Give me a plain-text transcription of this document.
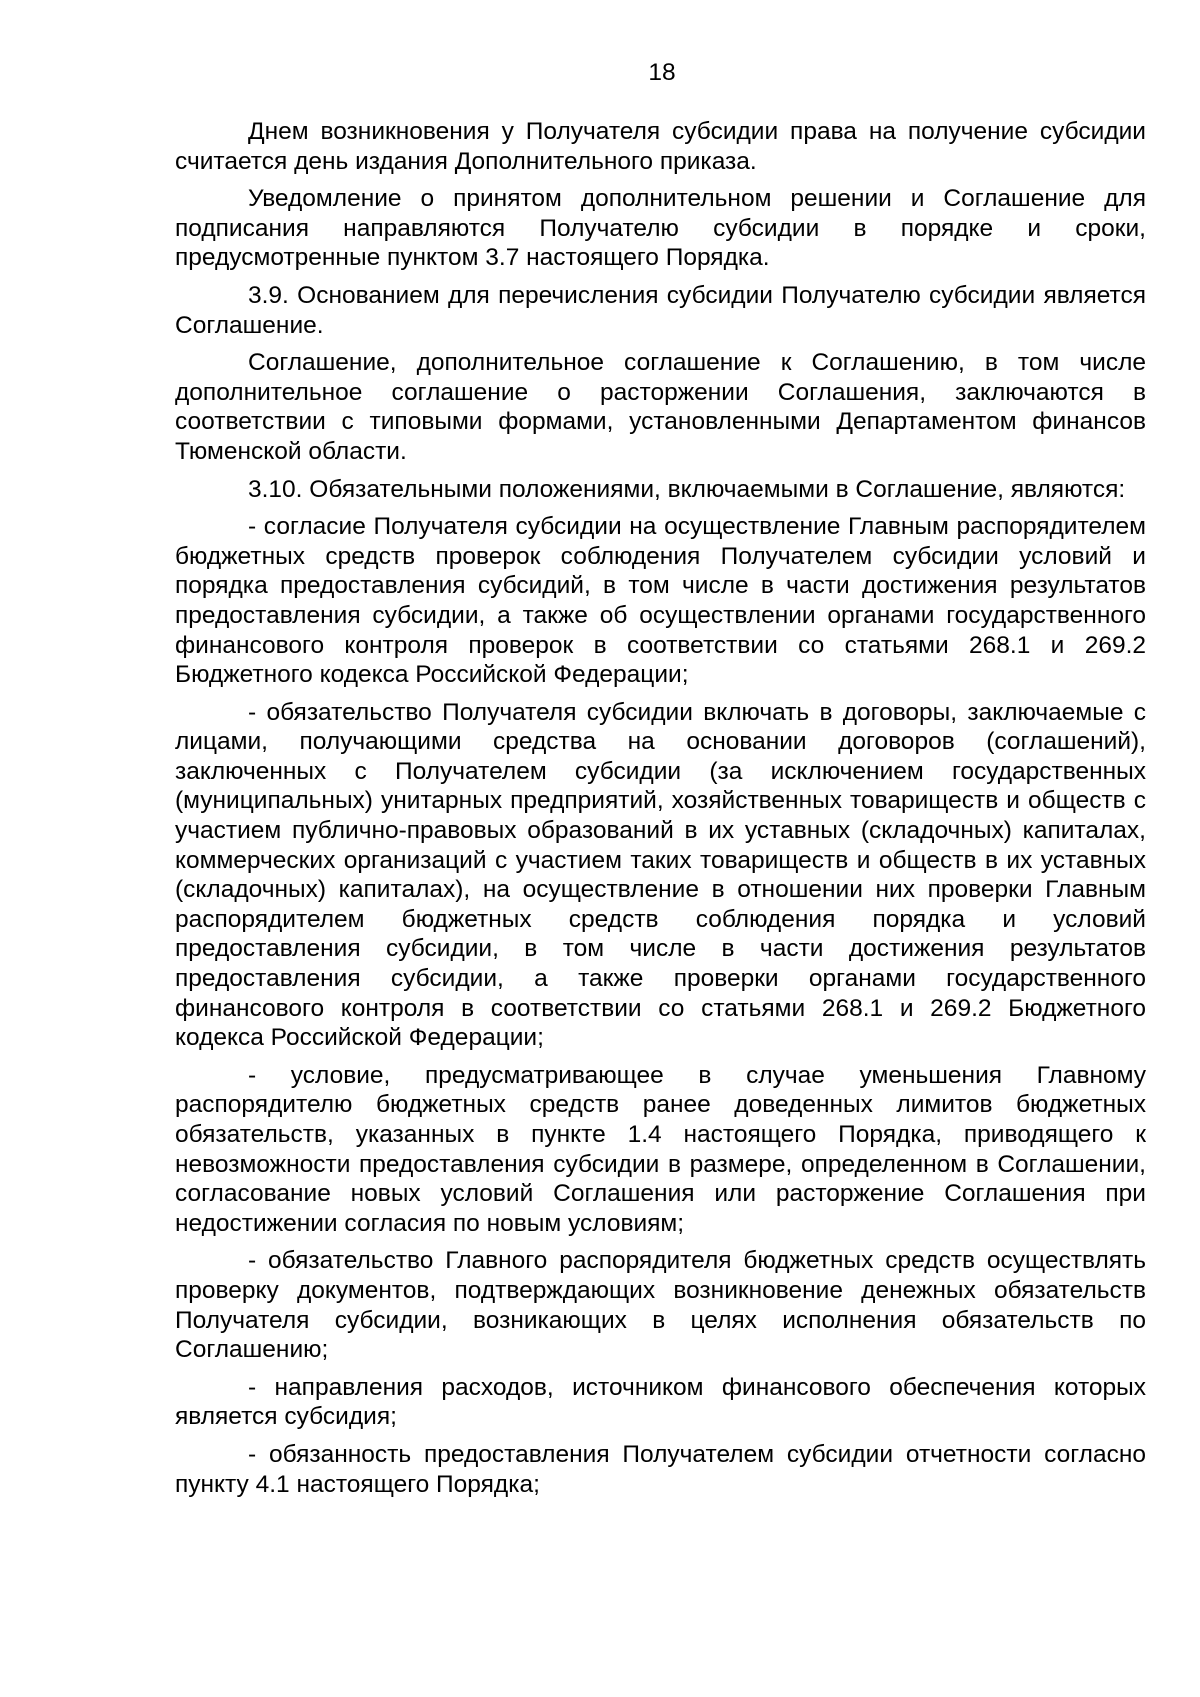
18

Днем возникновения у Получателя субсидии права на получение субсидии считается день издания Дополнительного приказа.

Уведомление о принятом дополнительном решении и Соглашение для подписания направляются Получателю субсидии в порядке и сроки, предусмотренные пунктом 3.7 настоящего Порядка.

3.9. Основанием для перечисления субсидии Получателю субсидии является Соглашение.

Соглашение, дополнительное соглашение к Соглашению, в том числе дополнительное соглашение о расторжении Соглашения, заключаются в соответствии с типовыми формами, установленными Департаментом финансов Тюменской области.

3.10. Обязательными положениями, включаемыми в Соглашение, являются:

- согласие Получателя субсидии на осуществление Главным распорядителем бюджетных средств проверок соблюдения Получателем субсидии условий и порядка предоставления субсидий, в том числе в части достижения результатов предоставления субсидии, а также об осуществлении органами государственного финансового контроля проверок в соответствии со статьями 268.1 и 269.2 Бюджетного кодекса Российской Федерации;

- обязательство Получателя субсидии включать в договоры, заключаемые с лицами, получающими средства на основании договоров (соглашений), заключенных с Получателем субсидии (за исключением государственных (муниципальных) унитарных предприятий, хозяйственных товариществ и обществ с участием публично-правовых образований в их уставных (складочных) капиталах, коммерческих организаций с участием таких товариществ и обществ в их уставных (складочных) капиталах), на осуществление в отношении них проверки Главным распорядителем бюджетных средств соблюдения порядка и условий предоставления субсидии, в том числе в части достижения результатов предоставления субсидии, а также проверки органами государственного финансового контроля в соответствии со статьями 268.1 и 269.2 Бюджетного кодекса Российской Федерации;

- условие, предусматривающее в случае уменьшения Главному распорядителю бюджетных средств ранее доведенных лимитов бюджетных обязательств, указанных в пункте 1.4 настоящего Порядка, приводящего к невозможности предоставления субсидии в размере, определенном в Соглашении, согласование новых условий Соглашения или расторжение Соглашения при недостижении согласия по новым условиям;

- обязательство Главного распорядителя бюджетных средств осуществлять проверку документов, подтверждающих возникновение денежных обязательств Получателя субсидии, возникающих в целях исполнения обязательств по Соглашению;

- направления расходов, источником финансового обеспечения которых является субсидия;

- обязанность предоставления Получателем субсидии отчетности согласно пункту 4.1 настоящего Порядка;
